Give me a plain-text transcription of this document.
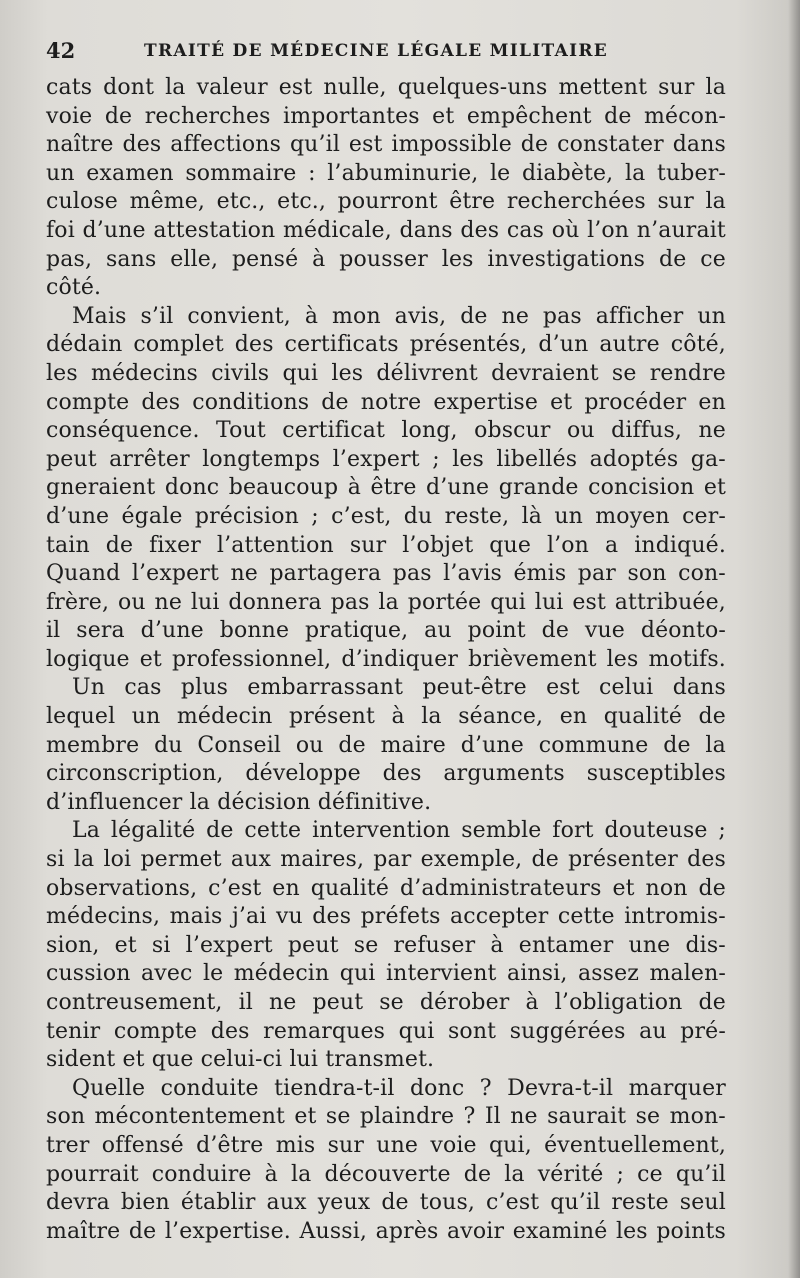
42	TRAITÉ DE MÉDECINE LÉGALE MILITAIRE
cats dont la valeur est nulle, quelques-uns mettent sur la
voie de recherches importantes et empêchent de mécon-
naître des affections qu’il est impossible de constater dans
un examen sommaire : l’abuminurie, le diabète, la tuber-
culose même, etc., etc., pourront être recherchées sur la
foi d’une attestation médicale, dans des cas où l’on n’aurait
pas, sans elle, pensé à pousser les investigations de ce
côté.
Mais s’il convient, à mon avis, de ne pas afficher un
dédain complet des certificats présentés, d’un autre côté,
les médecins civils qui les délivrent devraient se rendre
compte des conditions de notre expertise et procéder en
conséquence. Tout certificat long, obscur ou diffus, ne
peut arrêter longtemps l’expert ; les libellés adoptés ga-
gneraient donc beaucoup à être d’une grande concision et
d’une égale précision ; c’est, du reste, là un moyen cer-
tain de fixer l’attention sur l’objet que l’on a indiqué.
Quand l’expert ne partagera pas l’avis émis par son con-
frère, ou ne lui donnera pas la portée qui lui est attribuée,
il sera d’une bonne pratique, au point de vue déonto-
logique et professionnel, d’indiquer brièvement les motifs.
Un cas plus embarrassant peut-être est celui dans
lequel un médecin présent à la séance, en qualité de
membre du Conseil ou de maire d’une commune de la
circonscription, développe des arguments susceptibles
d’influencer la décision définitive.
La légalité de cette intervention semble fort douteuse ;
si la loi permet aux maires, par exemple, de présenter des
observations, c’est en qualité d’administrateurs et non de
médecins, mais j’ai vu des préfets accepter cette intromis-
sion, et si l’expert peut se refuser à entamer une dis-
cussion avec le médecin qui intervient ainsi, assez malen-
contreusement, il ne peut se dérober à l’obligation de
tenir compte des remarques qui sont suggérées au pré-
sident et que celui-ci lui transmet.
Quelle conduite tiendra-t-il donc ? Devra-t-il marquer
son mécontentement et se plaindre ? Il ne saurait se mon-
trer offensé d’être mis sur une voie qui, éventuellement,
pourrait conduire à la découverte de la vérité ; ce qu’il
devra bien établir aux yeux de tous, c’est qu’il reste seul
maître de l’expertise. Aussi, après avoir examiné les points
